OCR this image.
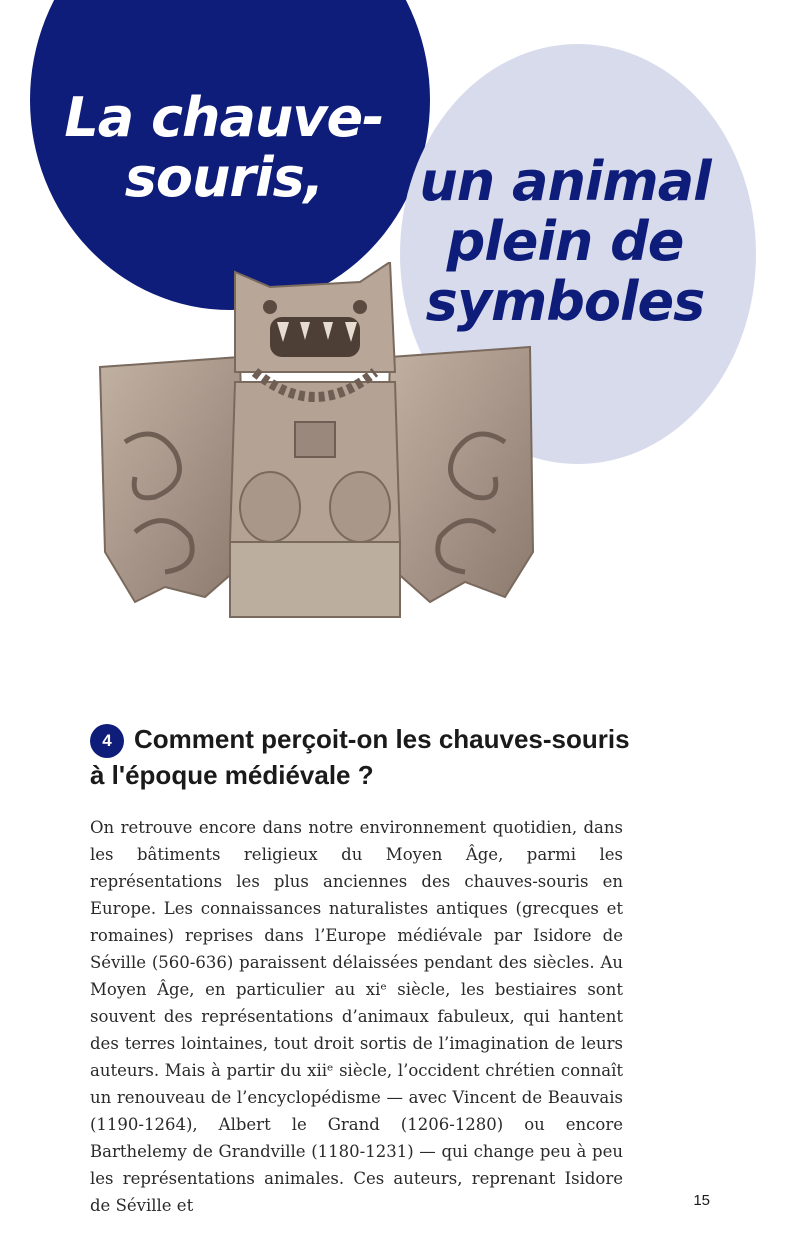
La chauve-
souris,	un animal
plein de
symboles
4 Comment perçoit-on les chauves-souris à l'époque médiévale ?

On retrouve encore dans notre environnement quotidien, dans les bâtiments religieux du Moyen Âge, parmi les représentations les plus anciennes des chauves-souris en Europe. Les connaissances naturalistes antiques (grecques et romaines) reprises dans l’Europe médiévale par Isidore de Séville (560-636) paraissent délaissées pendant des siècles. Au Moyen Âge, en particulier au xiᵉ siècle, les bestiaires sont souvent des représentations d’animaux fabuleux, qui hantent des terres lointaines, tout droit sortis de l’imagination de leurs auteurs. Mais à partir du xiiᵉ siècle, l’occident chrétien connaît un renouveau de l’encyclopédisme — avec Vincent de Beauvais (1190-1264), Albert le Grand (1206-1280) ou encore Barthelemy de Grandville (1180-1231) — qui change peu à peu les représentations animales. Ces auteurs, reprenant Isidore de Séville et	15
